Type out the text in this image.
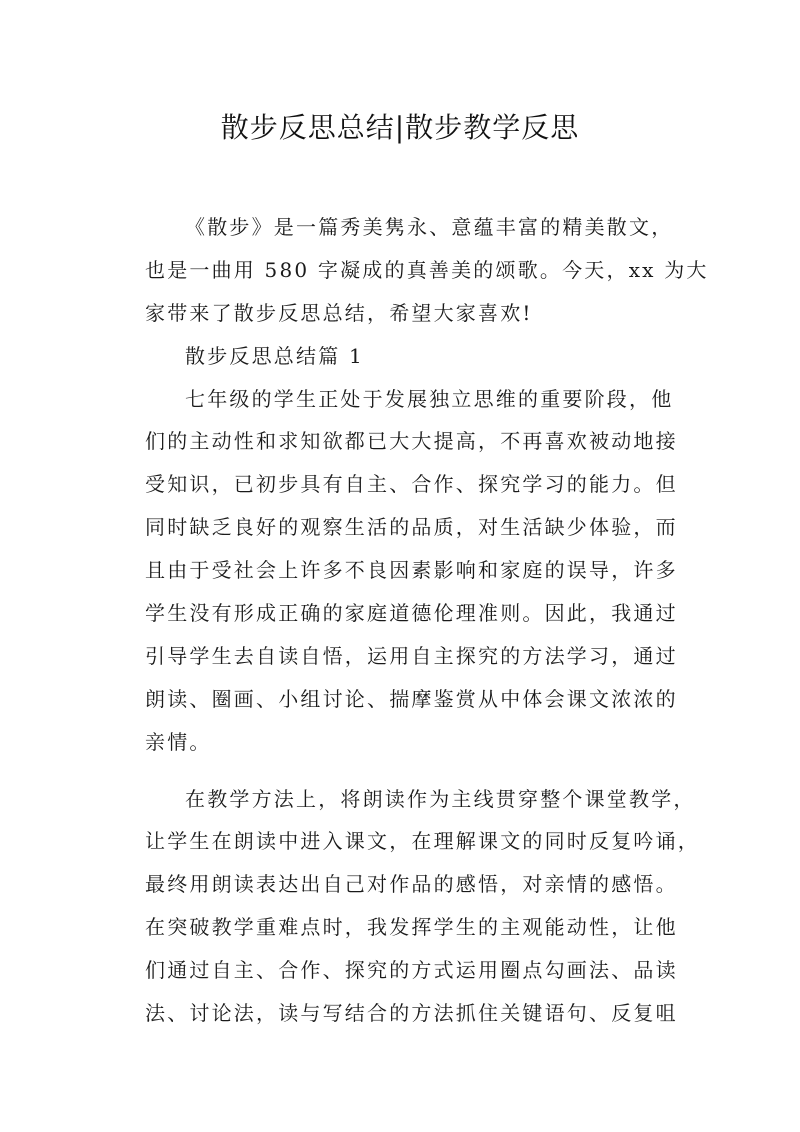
散步反思总结|散步教学反思
《散步》是一篇秀美隽永、意蕴丰富的精美散文，
也是一曲用 580 字凝成的真善美的颂歌。今天，xx 为大
家带来了散步反思总结，希望大家喜欢!
散步反思总结篇 1
七年级的学生正处于发展独立思维的重要阶段，他
们的主动性和求知欲都已大大提高，不再喜欢被动地接
受知识，已初步具有自主、合作、探究学习的能力。但
同时缺乏良好的观察生活的品质，对生活缺少体验，而
且由于受社会上许多不良因素影响和家庭的误导，许多
学生没有形成正确的家庭道德伦理准则。因此，我通过
引导学生去自读自悟，运用自主探究的方法学习，通过
朗读、圈画、小组讨论、揣摩鉴赏从中体会课文浓浓的
亲情。
在教学方法上，将朗读作为主线贯穿整个课堂教学，
让学生在朗读中进入课文，在理解课文的同时反复吟诵，
最终用朗读表达出自己对作品的感悟，对亲情的感悟。
在突破教学重难点时，我发挥学生的主观能动性，让他
们通过自主、合作、探究的方式运用圈点勾画法、品读
法、讨论法，读与写结合的方法抓住关键语句、反复咀
